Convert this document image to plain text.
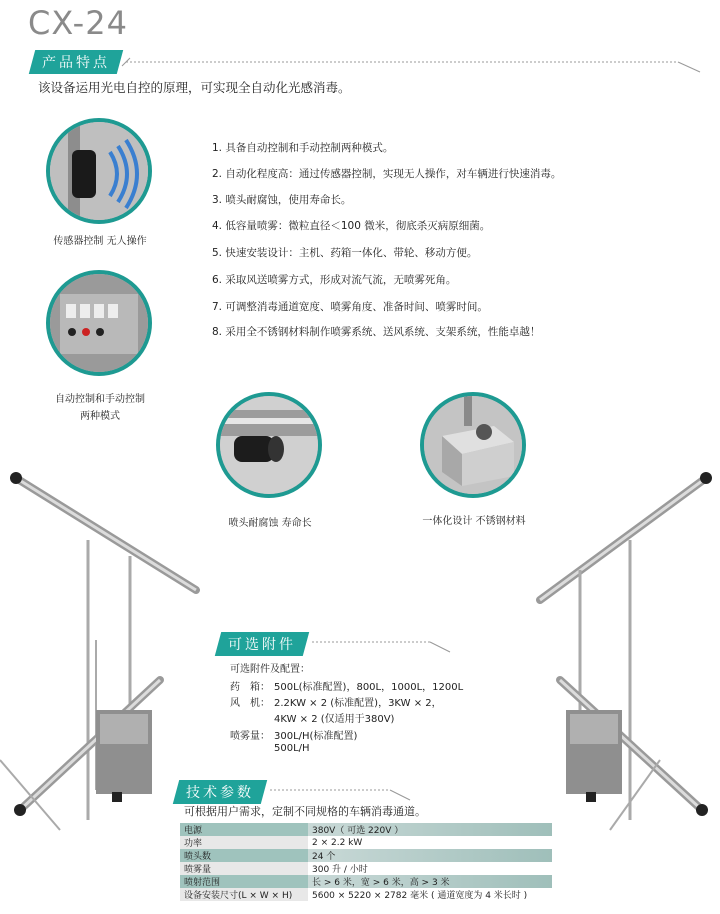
CX-24
产品特点
该设备运用光电自控的原理，可实现全自动化光感消毒。
传感器控制 无人操作
自动控制和手动控制
两种模式
1. 具备自动控制和手动控制两种模式。
2. 自动化程度高：通过传感器控制，实现无人操作，对车辆进行快速消毒。
3. 喷头耐腐蚀，使用寿命长。
4. 低容量喷雾：微粒直径＜100 微米，彻底杀灭病原细菌。
5. 快速安装设计：主机、药箱一体化、带轮、移动方便。
6. 采取风送喷雾方式，形成对流气流，无喷雾死角。
7. 可调整消毒通道宽度、喷雾角度、准备时间、喷雾时间。
8. 采用全不锈钢材料制作喷雾系统、送风系统、支架系统，性能卓越！
喷头耐腐蚀 寿命长	一体化设计 不锈钢材料
可选附件
可选附件及配置：
药　箱： 500L(标准配置)，800L，1000L，1200L
风　机： 2.2KW × 2 (标准配置)，3KW × 2，
4KW × 2 (仅适用于380V)
喷雾量： 300L/H(标准配置)
500L/H
技术参数
可根据用户需求，定制不同规格的车辆消毒通道。
电源	380V（ 可选 220V ）
功率	2 × 2.2 kW
喷头数	24 个
喷雾量	300 升 / 小时
喷射范围	长 > 6 米，宽 > 6 米，高 > 3 米
设备安装尺寸(L × W × H)	5600 × 5220 × 2782 毫米 ( 通道宽度为 4 米长时 )
